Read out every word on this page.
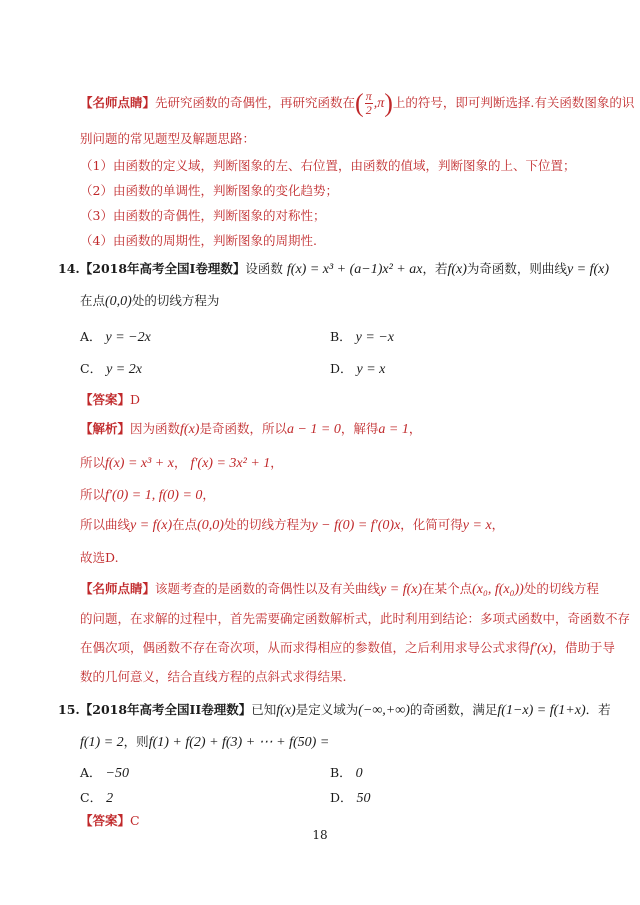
【名师点睛】先研究函数的奇偶性，再研究函数在( $\frac{\pi}{2} ,\pi$)上的符号，即可判断选择.有关函数图象的识
别问题的常见题型及解题思路：
（1）由函数的定义域，判断图象的左、右位置，由函数的值域，判断图象的上、下位置；
（2）由函数的单调性，判断图象的变化趋势；
（3）由函数的奇偶性，判断图象的对称性；
（4）由函数的周期性，判断图象的周期性.
14.【2018年高考全国I卷理数】设函数 f(x) = x³ + (a−1)x² + ax，若f(x)为奇函数，则曲线y = f(x)
在点(0,0)处的切线方程为
A． y = −2x	B． y = −x
C． y = 2x	D． y = x
【答案】D
【解析】因为函数f(x)是奇函数，所以a − 1 = 0，解得a = 1，
所以f(x) = x³ + x， f′(x) = 3x² + 1，
所以f′(0) = 1, f(0) = 0，
所以曲线y = f(x)在点(0,0)处的切线方程为y − f(0) = f′(0)x，化简可得y = x，
故选D.
【名师点睛】该题考查的是函数的奇偶性以及有关曲线y = f(x)在某个点(x₀, f(x₀))处的切线方程
的问题，在求解的过程中，首先需要确定函数解析式，此时利用到结论：多项式函数中，奇函数不存
在偶次项，偶函数不存在奇次项，从而求得相应的参数值，之后利用求导公式求得f′(x)，借助于导
数的几何意义，结合直线方程的点斜式求得结果.
15.【2018年高考全国II卷理数】已知f(x)是定义域为(−∞,+∞)的奇函数，满足f(1−x) = f(1+x)．若
f(1) = 2，则f(1) + f(2) + f(3) + ⋯ + f(50) =
A． −50	B． 0
C． 2	D． 50
【答案】C
18
